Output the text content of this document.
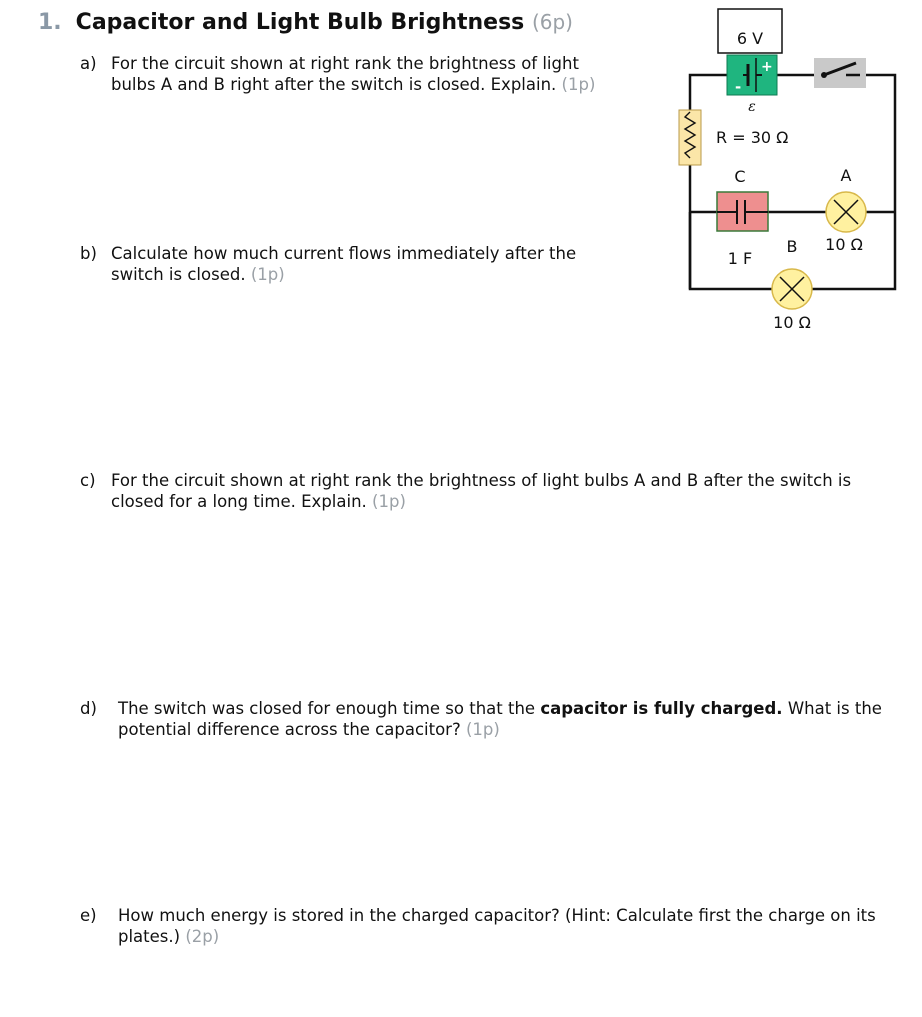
1. Capacitor and Light Bulb Brightness (6p)
a) For the circuit shown at right rank the brightness of light bulbs A and B right after the switch is closed. Explain. (1p)
b) Calculate how much current flows immediately after the switch is closed. (1p)
c) For the circuit shown at right rank the brightness of light bulbs A and B after the switch is closed for a long time. Explain. (1p)
d) The switch was closed for enough time so that the capacitor is fully charged. What is the potential difference across the capacitor? (1p)
e) How much energy is stored in the charged capacitor? (Hint: Calculate first the charge on its plates.) (2p)
6 V
-
+
ε
R = 30 Ω
C
1 F
A
10 Ω
B
10 Ω
